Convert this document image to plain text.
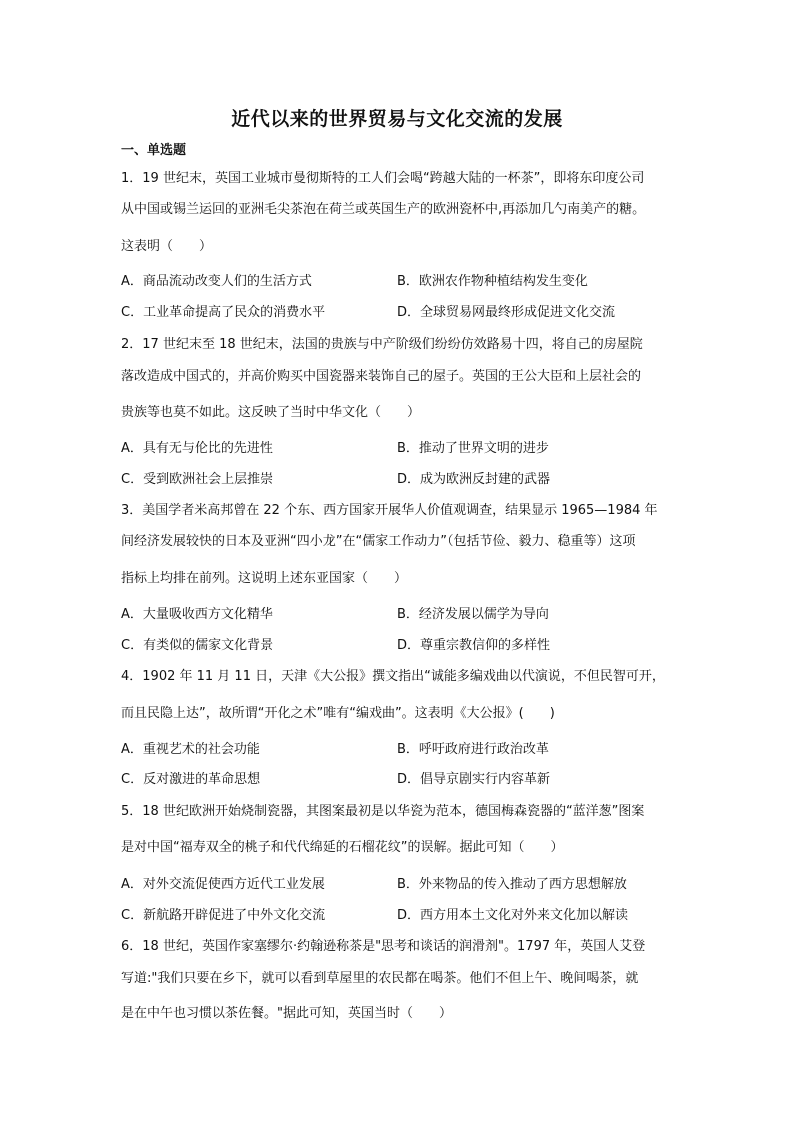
近代以来的世界贸易与文化交流的发展
一、单选题
1．19 世纪末，英国工业城市曼彻斯特的工人们会喝“跨越大陆的一杯茶”，即将东印度公司
从中国或锡兰运回的亚洲毛尖茶泡在荷兰或英国生产的欧洲瓷杯中,再添加几勺南美产的糖。
这表明（　　）
A．商品流动改变人们的生活方式	B．欧洲农作物种植结构发生变化
C．工业革命提高了民众的消费水平	D．全球贸易网最终形成促进文化交流
2．17 世纪末至 18 世纪末，法国的贵族与中产阶级们纷纷仿效路易十四，将自己的房屋院
落改造成中国式的，并高价购买中国瓷器来装饰自己的屋子。英国的王公大臣和上层社会的
贵族等也莫不如此。这反映了当时中华文化（　　）
A．具有无与伦比的先进性	B．推动了世界文明的进步
C．受到欧洲社会上层推崇	D．成为欧洲反封建的武器
3．美国学者米高邦曾在 22 个东、西方国家开展华人价值观调查，结果显示 1965—1984 年
间经济发展较快的日本及亚洲“四小龙”在“儒家工作动力”（包括节俭、毅力、稳重等）这项
指标上均排在前列。这说明上述东亚国家（　　）
A．大量吸收西方文化精华	B．经济发展以儒学为导向
C．有类似的儒家文化背景	D．尊重宗教信仰的多样性
4．1902 年 11 月 11 日，天津《大公报》撰文指出“诚能多编戏曲以代演说，不但民智可开，
而且民隐上达”，故所谓“开化之术”唯有“编戏曲”。这表明《大公报》(　　)
A．重视艺术的社会功能	B．呼吁政府进行政治改革
C．反对激进的革命思想	D．倡导京剧实行内容革新
5．18 世纪欧洲开始烧制瓷器，其图案最初是以华瓷为范本，德国梅森瓷器的“蓝洋葱”图案
是对中国“福寿双全的桃子和代代绵延的石榴花纹”的误解。据此可知（　　）
A．对外交流促使西方近代工业发展	B．外来物品的传入推动了西方思想解放
C．新航路开辟促进了中外文化交流	D．西方用本土文化对外来文化加以解读
6．18 世纪，英国作家塞缪尔·约翰逊称茶是"思考和谈话的润滑剂"。1797 年，英国人艾登
写道:"我们只要在乡下，就可以看到草屋里的农民都在喝茶。他们不但上午、晚间喝茶，就
是在中午也习惯以茶佐餐。"据此可知，英国当时（　　）
